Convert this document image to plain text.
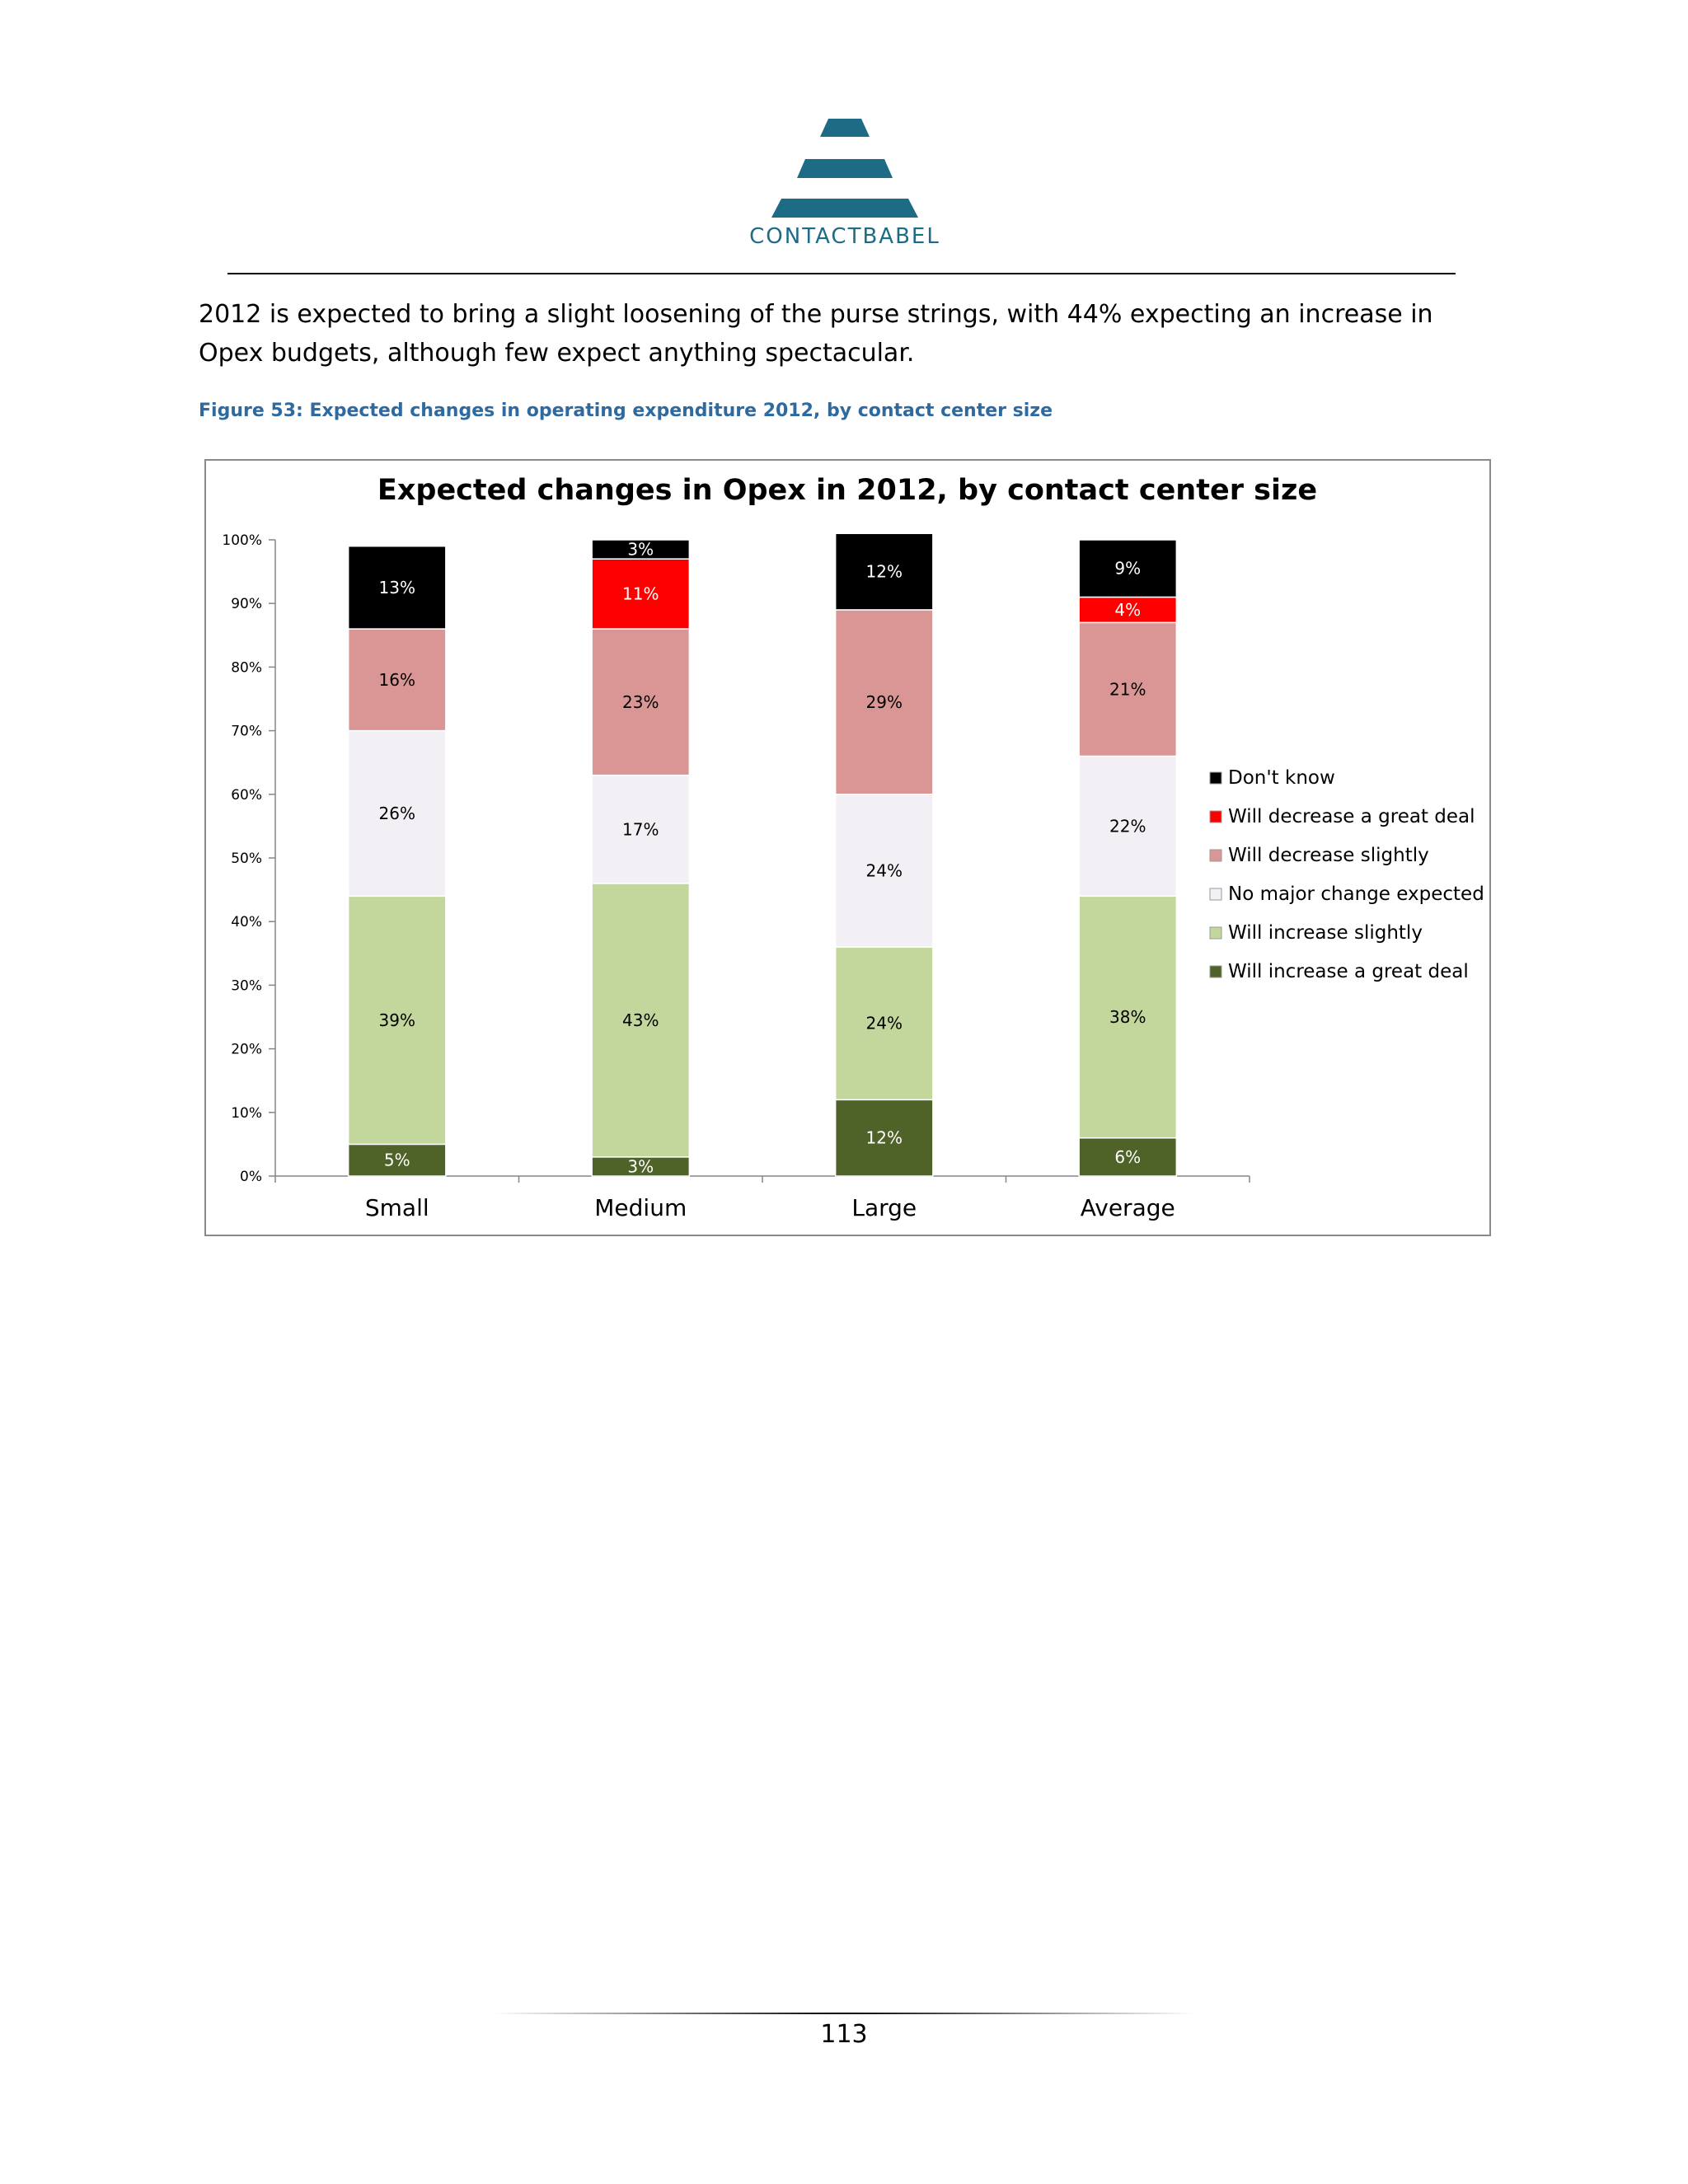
CONTACTBABEL
2012 is expected to bring a slight loosening of the purse strings, with 44% expecting an increase in Opex budgets, although few expect anything spectacular.
Figure 53: Expected changes in operating expenditure 2012, by contact center size
Expected changes in Opex in 2012, by contact center size
0%
10%
20%
30%
40%
50%
60%
70%
80%
90%
100%
Small	Medium	Large	Average
5%
39%
26%
16%
13%
3%
43%
17%
23%
11%
3%
12%
24%
24%
29%
12%
6%
38%
22%
21%
4%
9%
Don't know
Will decrease a great deal
Will decrease slightly
No major change expected
Will increase slightly
Will increase a great deal
113
